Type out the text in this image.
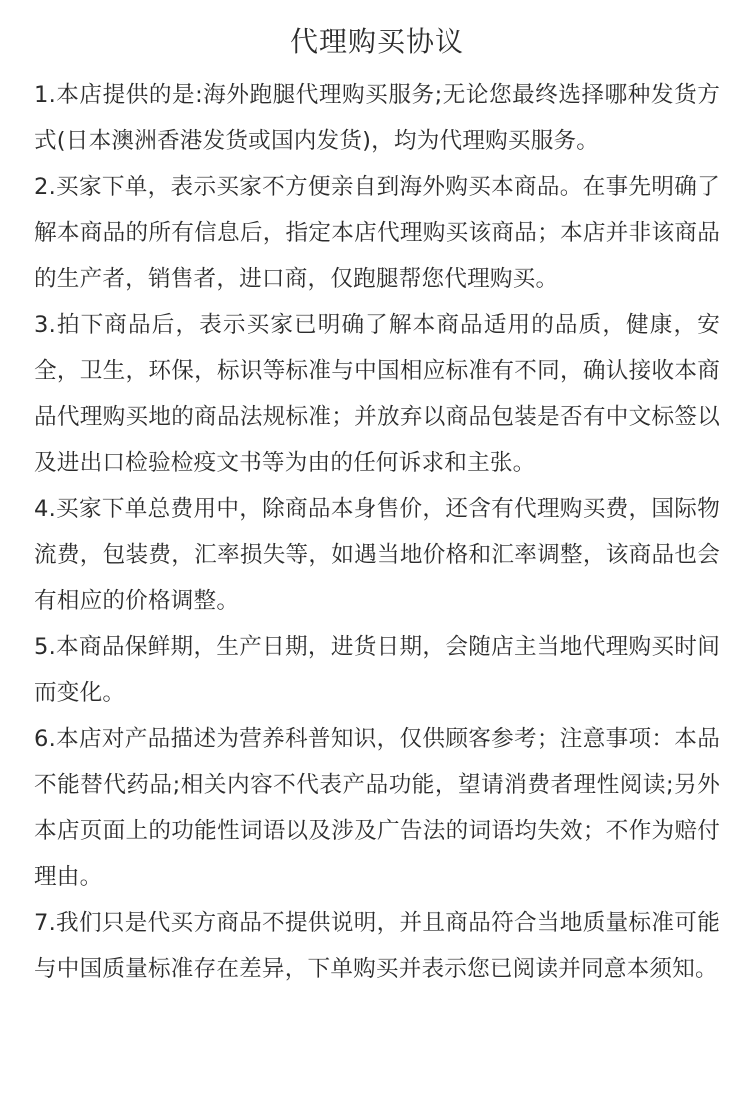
代理购买协议

1.本店提供的是:海外跑腿代理购买服务;无论您最终选择哪种发货方式(日本澳洲香港发货或国内发货)，均为代理购买服务。

2.买家下单，表示买家不方便亲自到海外购买本商品。在事先明确了解本商品的所有信息后，指定本店代理购买该商品；本店并非该商品的生产者，销售者，进口商，仅跑腿帮您代理购买。

3.拍下商品后，表示买家已明确了解本商品适用的品质，健康，安全，卫生，环保，标识等标准与中国相应标准有不同，确认接收本商品代理购买地的商品法规标准；并放弃以商品包装是否有中文标签以及进出口检验检疫文书等为由的任何诉求和主张。

4.买家下单总费用中，除商品本身售价，还含有代理购买费，国际物流费，包装费，汇率损失等，如遇当地价格和汇率调整，该商品也会有相应的价格调整。

5.本商品保鲜期，生产日期，进货日期，会随店主当地代理购买时间而变化。

6.本店对产品描述为营养科普知识，仅供顾客参考；注意事项：本品不能替代药品;相关内容不代表产品功能，望请消费者理性阅读;另外本店页面上的功能性词语以及涉及广告法的词语均失效；不作为赔付理由。

7.我们只是代买方商品不提供说明，并且商品符合当地质量标准可能与中国质量标准存在差异，下单购买并表示您已阅读并同意本须知。
